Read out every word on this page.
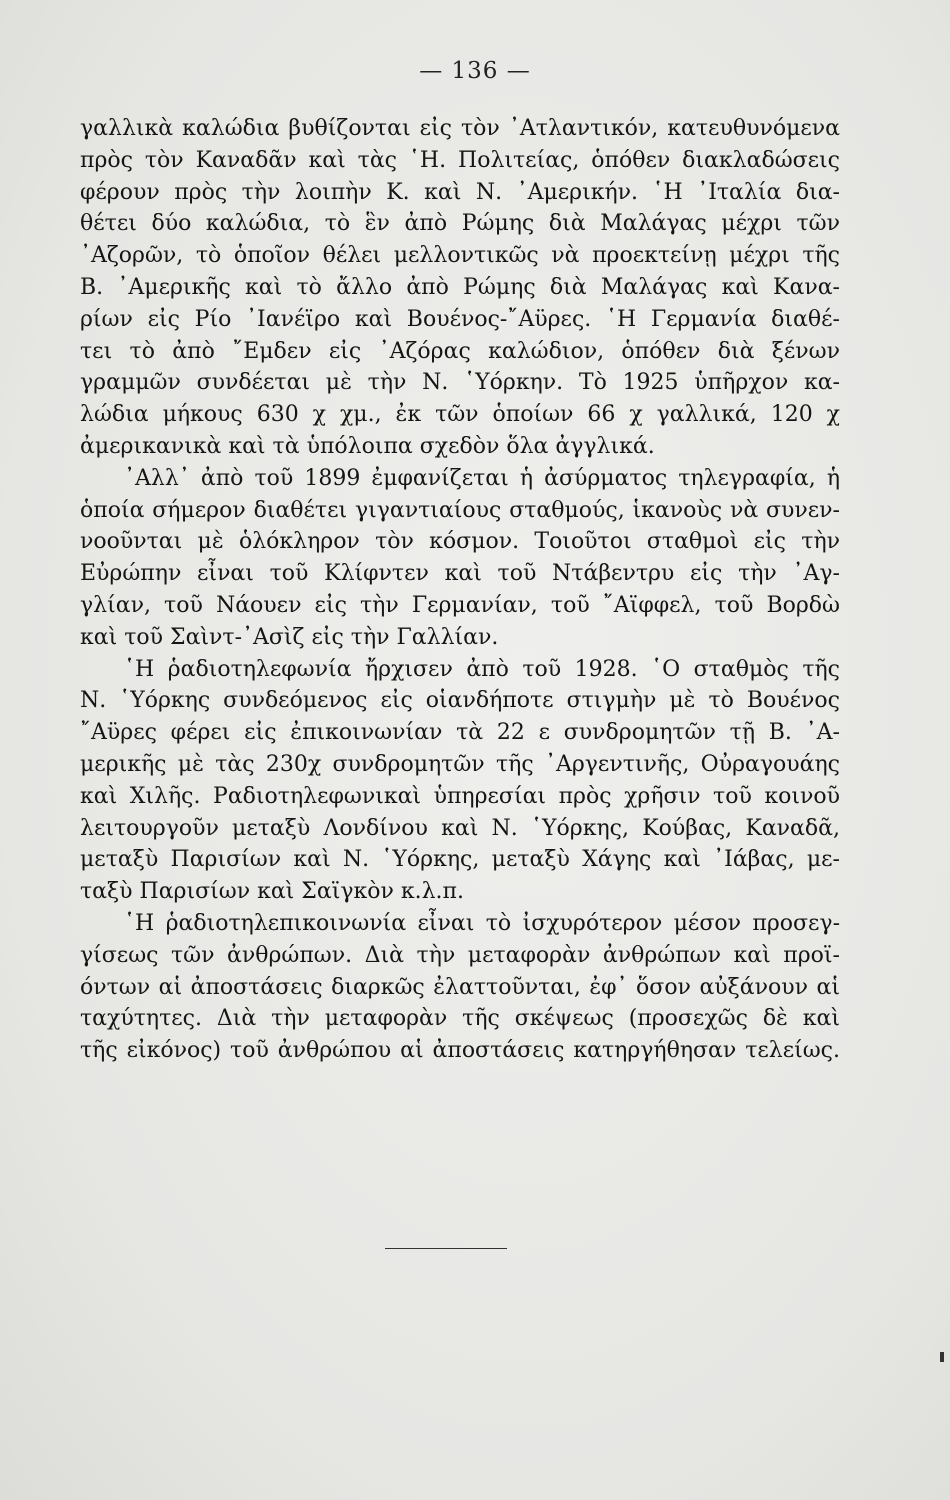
— 136 —
γαλλικὰ καλώδια βυθίζονται εἰς τὸν ᾿Ατλαντικόν, κατευθυνόμενα
πρὸς τὸν Καναδᾶν καὶ τὰς ῾Η. Πολιτείας, ὁπόθεν διακλαδώσεις
φέρουν πρὸς τὴν λοιπὴν Κ. καὶ Ν. ᾿Αμερικήν. ῾Η ᾿Ιταλία δια-
θέτει δύο καλώδια, τὸ ἓν ἀπὸ Ρώμης διὰ Μαλάγας μέχρι τῶν
᾿Αζορῶν, τὸ ὁποῖον θέλει μελλοντικῶς νὰ προεκτείνῃ μέχρι τῆς
Β. ᾿Αμερικῆς καὶ τὸ ἄλλο ἀπὸ Ρώμης διὰ Μαλάγας καὶ Κανα-
ρίων εἰς Ρίο ᾿Ιανέϊρο καὶ Βουένος-῎Αϋρες. ῾Η Γερμανία διαθέ-
τει τὸ ἀπὸ ῎Εμδεν εἰς ᾿Αζόρας καλώδιον, ὁπόθεν διὰ ξένων
γραμμῶν συνδέεται μὲ τὴν Ν. ῾Υόρκην. Τὸ 1925 ὑπῆρχον κα-
λώδια μήκους 630 χ χμ., ἐκ τῶν ὁποίων 66 χ γαλλικά, 120 χ
ἀμερικανικὰ καὶ τὰ ὑπόλοιπα σχεδὸν ὅλα ἀγγλικά.
᾿Αλλ᾿ ἀπὸ τοῦ 1899 ἐμφανίζεται ἡ ἀσύρματος τηλεγραφία, ἡ
ὁποία σήμερον διαθέτει γιγαντιαίους σταθμούς, ἱκανοὺς νὰ συνεν-
νοοῦνται μὲ ὁλόκληρον τὸν κόσμον. Τοιοῦτοι σταθμοὶ εἰς τὴν
Εὐρώπην εἶναι τοῦ Κλίφντεν καὶ τοῦ Ντάβεντρυ εἰς τὴν ᾿Αγ-
γλίαν, τοῦ Νάουεν εἰς τὴν Γερμανίαν, τοῦ ῎Αϊφφελ, τοῦ Βορδὼ
καὶ τοῦ Σαὶντ-᾿Ασὶζ εἰς τὴν Γαλλίαν.
῾Η ῥαδιοτηλεφωνία ἤρχισεν ἀπὸ τοῦ 1928. ῾Ο σταθμὸς τῆς
Ν. ῾Υόρκης συνδεόμενος εἰς οἱανδήποτε στιγμὴν μὲ τὸ Βουένος
῎Αϋρες φέρει εἰς ἐπικοινωνίαν τὰ 22 ε συνδρομητῶν τῇ Β. ᾿Α-
μερικῆς μὲ τὰς 230χ συνδρομητῶν τῆς ᾿Αργεντινῆς, Οὐραγουάης
καὶ Χιλῆς. Ραδιοτηλεφωνικαὶ ὑπηρεσίαι πρὸς χρῆσιν τοῦ κοινοῦ
λειτουργοῦν μεταξὺ Λονδίνου καὶ Ν. ῾Υόρκης, Κούβας, Καναδᾶ,
μεταξὺ Παρισίων καὶ Ν. ῾Υόρκης, μεταξὺ Χάγης καὶ ᾿Ιάβας, με-
ταξὺ Παρισίων καὶ Σαϊγκὸν κ.λ.π.
῾Η ῥαδιοτηλεπικοινωνία εἶναι τὸ ἰσχυρότερον μέσον προσεγ-
γίσεως τῶν ἀνθρώπων. Διὰ τὴν μεταφορὰν ἀνθρώπων καὶ προϊ-
όντων αἱ ἀποστάσεις διαρκῶς ἐλαττοῦνται, ἐφ᾿ ὅσον αὐξάνουν αἱ
ταχύτητες. Διὰ τὴν μεταφορὰν τῆς σκέψεως (προσεχῶς δὲ καὶ
τῆς εἰκόνος) τοῦ ἀνθρώπου αἱ ἀποστάσεις κατηργήθησαν τελείως.
